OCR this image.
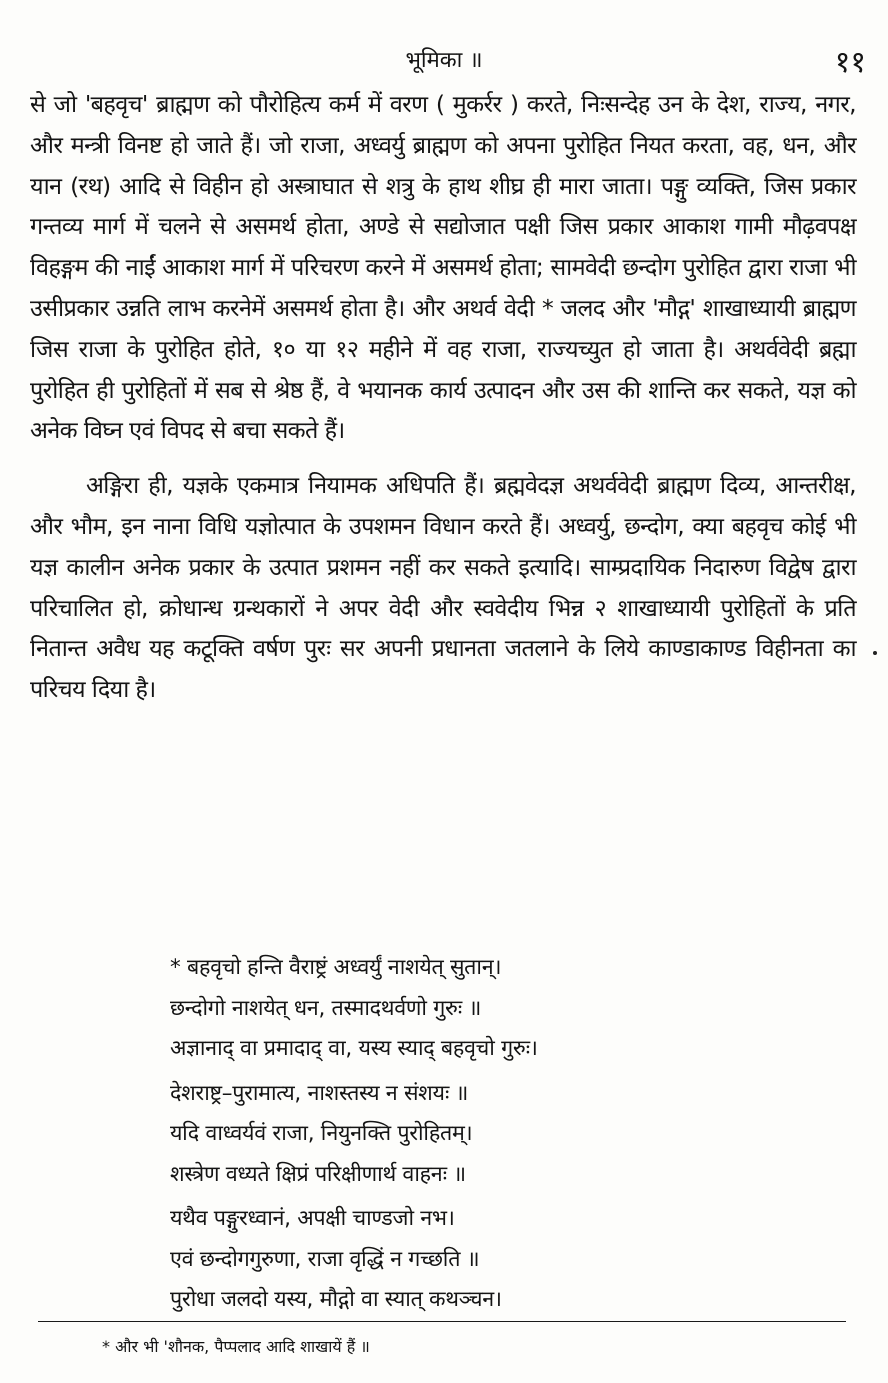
भूमिका ॥	११

से जो 'बहवृच' ब्राह्मण को पौरोहित्य कर्म में वरण ( मुकर्रर ) करते, निःसन्देह उन के देश, राज्य, नगर, और मन्त्री विनष्ट हो जाते हैं। जो राजा, अध्वर्यु ब्राह्मण को अपना पुरोहित नियत करता, वह, धन, और यान (रथ) आदि से विहीन हो अस्त्राघात से शत्रु के हाथ शीघ्र ही मारा जाता। पङ्गु व्यक्ति, जिस प्रकार गन्तव्य मार्ग में चलने से असमर्थ होता, अण्डे से सद्योजात पक्षी जिस प्रकार आकाश गामी मौढ़वपक्ष विहङ्गम की नाईं आकाश मार्ग में परिचरण करने में असमर्थ होता; सामवेदी छन्दोग पुरोहित द्वारा राजा भी उसीप्रकार उन्नति लाभ करनेमें असमर्थ होता है। और अथर्व वेदी * जलद और 'मौद्ग' शाखाध्यायी ब्राह्मण जिस राजा के पुरोहित होते, १० या १२ महीने में वह राजा, राज्यच्युत हो जाता है। अथर्ववेदी ब्रह्मा पुरोहित ही पुरोहितों में सब से श्रेष्ठ हैं, वे भयानक कार्य उत्पादन और उस की शान्ति कर सकते, यज्ञ को अनेक विघ्न एवं विपद से बचा सकते हैं।

अङ्गिरा ही, यज्ञके एकमात्र नियामक अधिपति हैं। ब्रह्मवेदज्ञ अथर्ववेदी ब्राह्मण दिव्य, आन्तरीक्ष, और भौम, इन नाना विधि यज्ञोत्पात के उपशमन विधान करते हैं। अध्वर्यु, छन्दोग, क्या बहवृच कोई भी यज्ञ कालीन अनेक प्रकार के उत्पात प्रशमन नहीं कर सकते इत्यादि। साम्प्रदायिक निदारुण विद्वेष द्वारा परिचालित हो, क्रोधान्ध ग्रन्थकारों ने अपर वेदी और स्ववेदीय भिन्न २ शाखाध्यायी पुरोहितों के प्रति नितान्त अवैध यह कटूक्ति वर्षण पुरः सर अपनी प्रधानता जतलाने के लिये काण्डाकाण्ड विहीनता का परिचय दिया है।

* बहवृचो हन्ति वैराष्ट्रं अध्वर्युं नाशयेत् सुतान्।
छन्दोगो नाशयेत् धन, तस्मादथर्वणो गुरुः ॥
अज्ञानाद् वा प्रमादाद् वा, यस्य स्याद् बहवृचो गुरुः।
देशराष्ट्र–पुरामात्य, नाशस्तस्य न संशयः ॥
यदि वाध्वर्यवं राजा, नियुनक्ति पुरोहितम्।
शस्त्रेण वध्यते क्षिप्रं परिक्षीणार्थ वाहनः ॥
यथैव पङ्गुरध्वानं, अपक्षी चाण्डजो नभ।
एवं छन्दोगगुरुणा, राजा वृद्धिं न गच्छति ॥
पुरोधा जलदो यस्य, मौद्गो वा स्यात् कथञ्चन।
* और भी 'शौनक, पैप्पलाद आदि शाखायें हैं ॥
